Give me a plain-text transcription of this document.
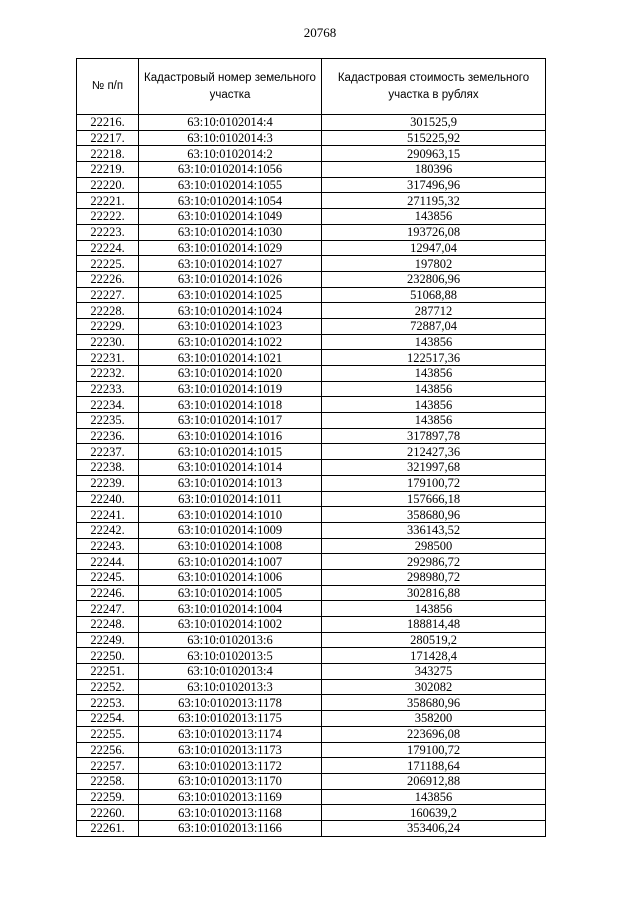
20768
№ п/п	Кадастровый номер земельного участка	Кадастровая стоимость земельного участка в рублях
22216.	63:10:0102014:4	301525,9
22217.	63:10:0102014:3	515225,92
22218.	63:10:0102014:2	290963,15
22219.	63:10:0102014:1056	180396
22220.	63:10:0102014:1055	317496,96
22221.	63:10:0102014:1054	271195,32
22222.	63:10:0102014:1049	143856
22223.	63:10:0102014:1030	193726,08
22224.	63:10:0102014:1029	12947,04
22225.	63:10:0102014:1027	197802
22226.	63:10:0102014:1026	232806,96
22227.	63:10:0102014:1025	51068,88
22228.	63:10:0102014:1024	287712
22229.	63:10:0102014:1023	72887,04
22230.	63:10:0102014:1022	143856
22231.	63:10:0102014:1021	122517,36
22232.	63:10:0102014:1020	143856
22233.	63:10:0102014:1019	143856
22234.	63:10:0102014:1018	143856
22235.	63:10:0102014:1017	143856
22236.	63:10:0102014:1016	317897,78
22237.	63:10:0102014:1015	212427,36
22238.	63:10:0102014:1014	321997,68
22239.	63:10:0102014:1013	179100,72
22240.	63:10:0102014:1011	157666,18
22241.	63:10:0102014:1010	358680,96
22242.	63:10:0102014:1009	336143,52
22243.	63:10:0102014:1008	298500
22244.	63:10:0102014:1007	292986,72
22245.	63:10:0102014:1006	298980,72
22246.	63:10:0102014:1005	302816,88
22247.	63:10:0102014:1004	143856
22248.	63:10:0102014:1002	188814,48
22249.	63:10:0102013:6	280519,2
22250.	63:10:0102013:5	171428,4
22251.	63:10:0102013:4	343275
22252.	63:10:0102013:3	302082
22253.	63:10:0102013:1178	358680,96
22254.	63:10:0102013:1175	358200
22255.	63:10:0102013:1174	223696,08
22256.	63:10:0102013:1173	179100,72
22257.	63:10:0102013:1172	171188,64
22258.	63:10:0102013:1170	206912,88
22259.	63:10:0102013:1169	143856
22260.	63:10:0102013:1168	160639,2
22261.	63:10:0102013:1166	353406,24
